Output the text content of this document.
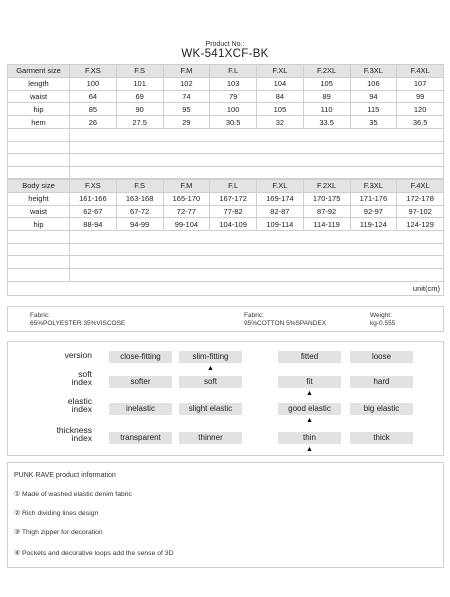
Product No.:
WK-541XCF-BK
Garment size	F.XS	F.S	F.M	F.L	F.XL	F.2XL	F.3XL	F.4XL
length	100	101	102	103	104	105	106	107
waist	64	69	74	79	84	89	94	99
hip	85	90	95	100	105	110	115	120
hem	26	27.5	29	30.5	32	33.5	35	36.5

Body size	F.XS	F.S	F.M	F.L	F.XL	F.2XL	F.3XL	F.4XL
height	161-166	163-168	165-170	167-172	169-174	170-175	171-176	172-178
waist	62-67	67-72	72-77	77-82	82-87	87-92	92-97	97-102
hip	88-94	94-99	99-104	104-109	109-114	114-119	119-124	124-129

unit(cm)
Fabric:
65%POLYESTER 35%VISCOSE
Fabric:
95%COTTON 5%SPANDEX
Weight:
kg-0.555
version	close-fitting	slim-fitting	fitted	loose
▲
soft
index	softer	soft	fit	hard
▲
elastic
index	inelastic	slight elastic	good elastic	big elastic
▲
thickness
index	transparent	thinner	thin	thick
▲
PUNK RAVE product information
① Made of washed elastic denim fabric
② Rich dividing lines design
③ Thigh zipper for decoration
④ Pockets and decorative loops add the sense of 3D
